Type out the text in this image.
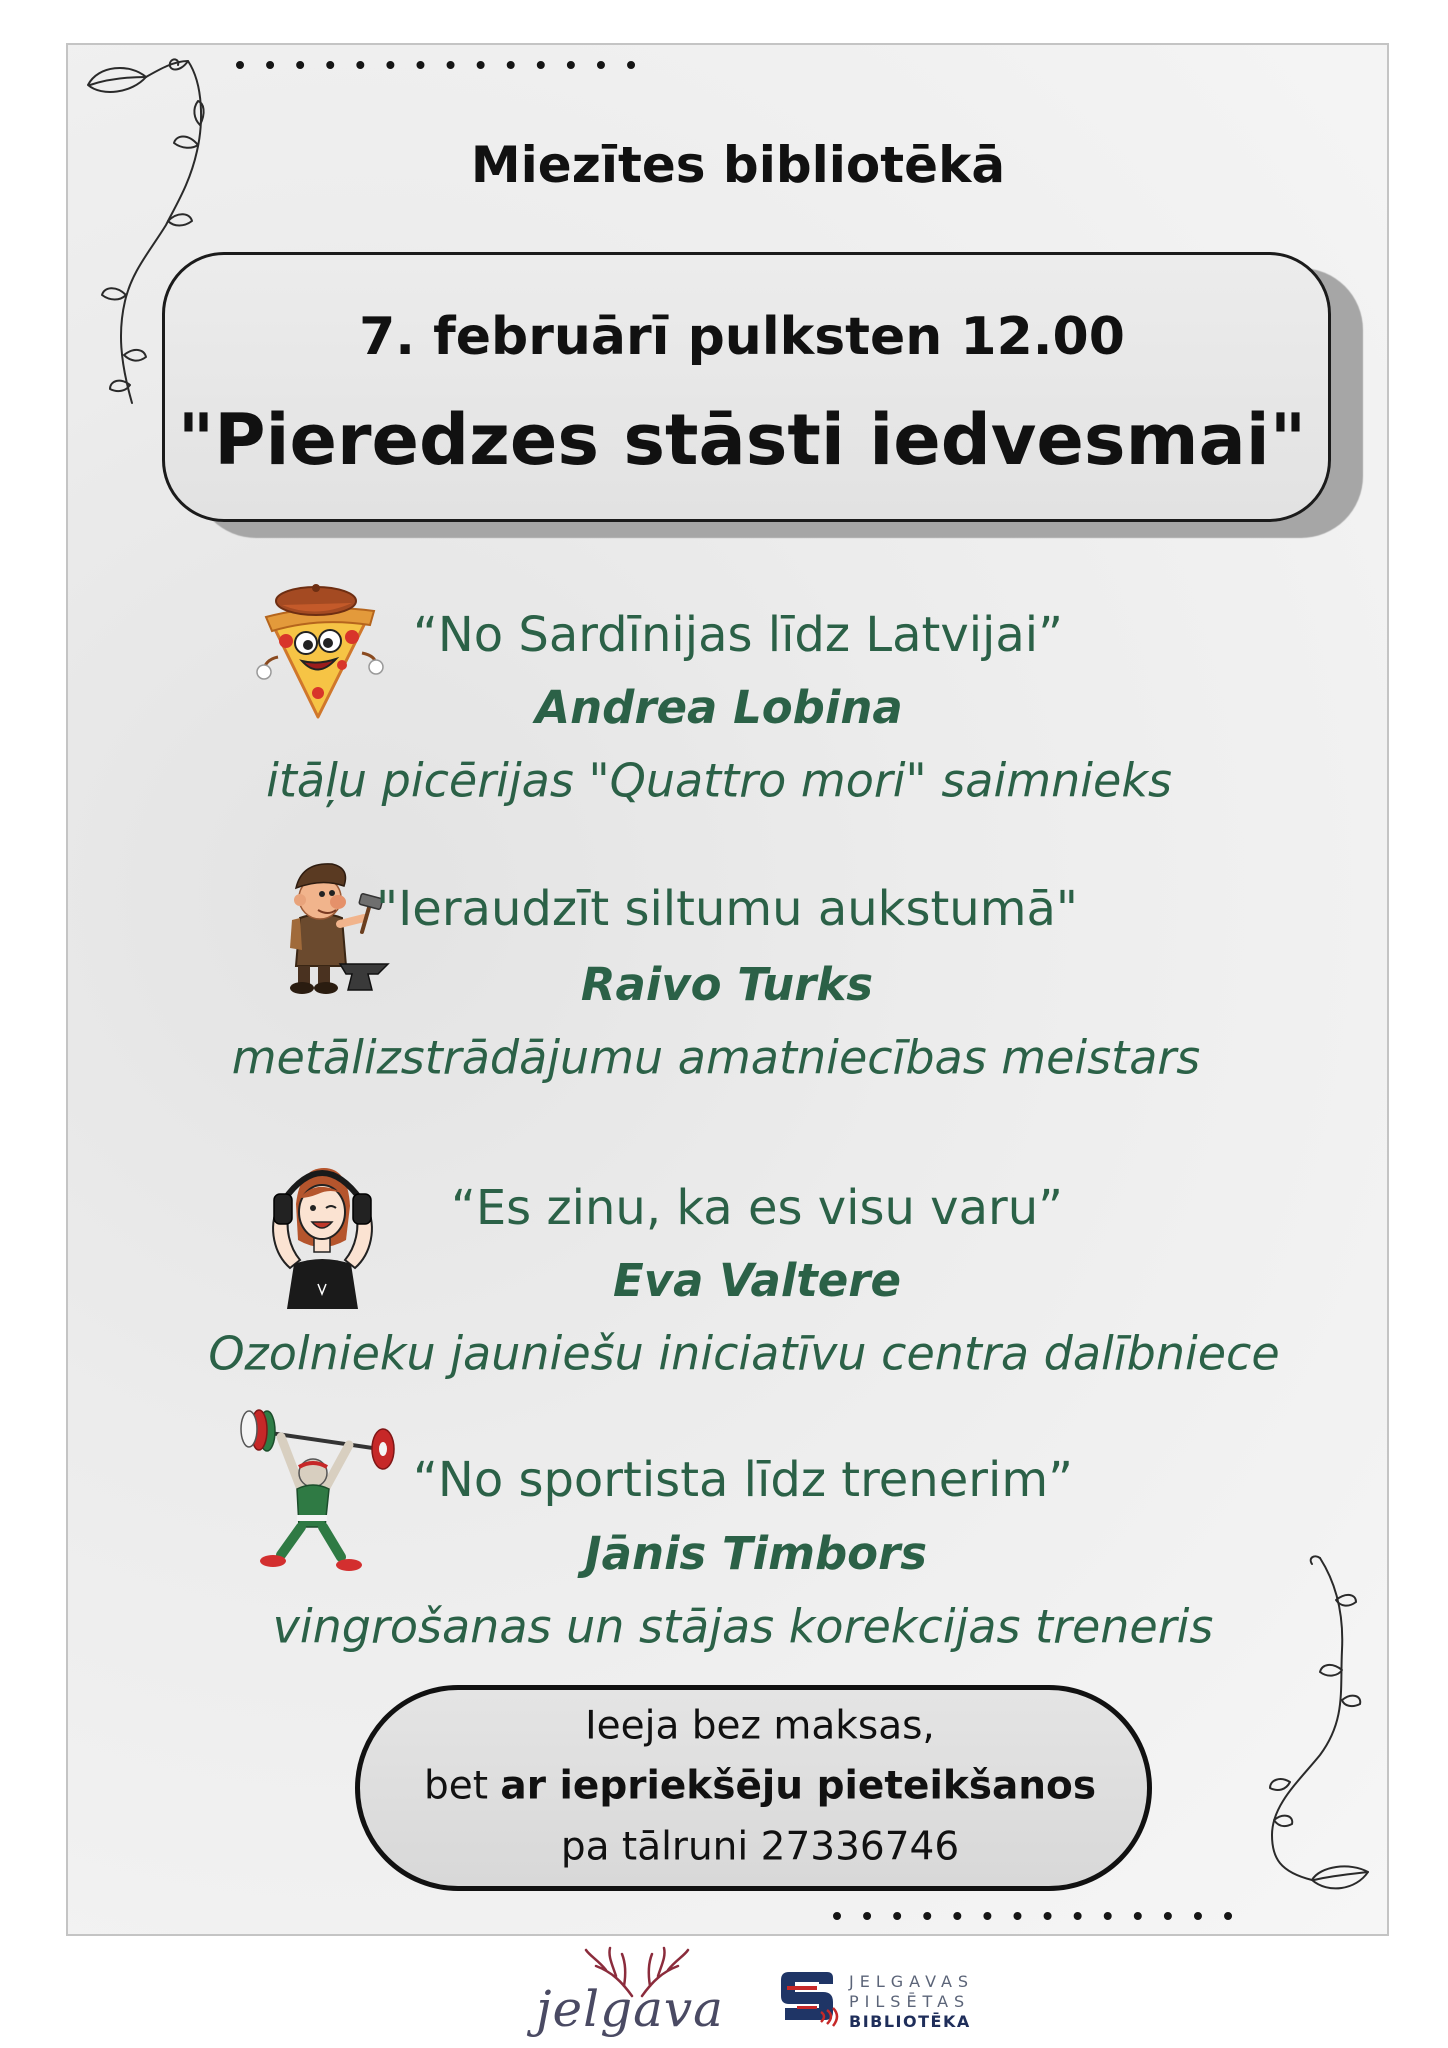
Miezītes bibliotēkā
7. februārī pulksten 12.00
"Pieredzes stāsti iedvesmai"
“No Sardīnijas līdz Latvijai”
Andrea Lobina
itāļu picērijas "Quattro mori" saimnieks
"Ieraudzīt siltumu aukstumā"
Raivo Turks
metālizstrādājumu amatniecības meistars
“Es zinu, ka es visu varu”
Eva Valtere
Ozolnieku jauniešu iniciatīvu centra dalībniece
“No sportista līdz trenerim”
Jānis Timbors
vingrošanas un stājas korekcijas treneris
Ieeja bez maksas,
bet ar iepriekšēju pieteikšanos
pa tālruni 27336746
jelgava	JELGAVAS
PILSĒTAS
BIBLIOTĒKA
